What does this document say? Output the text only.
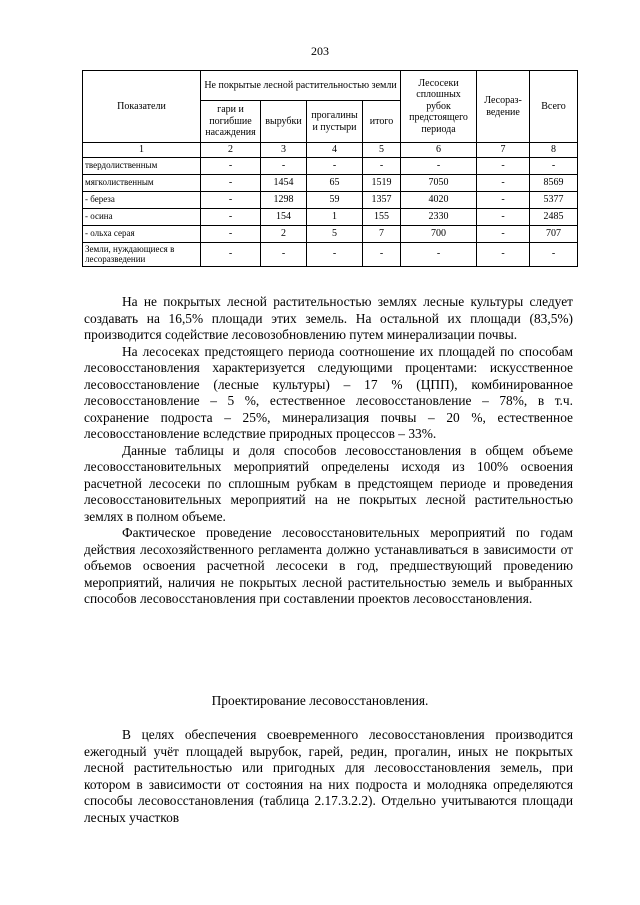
203
Показатели	Не покрытые лесной растительностью земли				Лесосеки сплошных рубок предстоящего периода	Лесораз-ведение	Всего
	гари и погибшие насаждения	вырубки	прогалины и пустыри	итого			
1	2	3	4	5	6	7	8
твердолиственным	-	-	-	-	-	-	-
мягколиственным	-	1454	65	1519	7050	-	8569
- береза	-	1298	59	1357	4020	-	5377
- осина	-	154	1	155	2330	-	2485
- ольха серая	-	2	5	7	700	-	707
Земли, нуждающиеся в лесоразведении	-	-	-	-	-	-	-

На не покрытых лесной растительностью землях лесные культуры следует создавать на 16,5% площади этих земель. На остальной их площади (83,5%) производится содействие лесовозобновлению путем минерализации почвы.

На лесосеках предстоящего периода соотношение их площадей по способам лесовосстановления характеризуется следующими процентами: искусственное лесовосстановление (лесные культуры) – 17 % (ЦПП), комбинированное лесовосстановление – 5 %, естественное лесовосстановление – 78%, в т.ч. сохранение подроста – 25%, минерализация почвы – 20 %, естественное лесовосстановление вследствие природных процессов – 33%.

Данные таблицы и доля способов лесовосстановления в общем объеме лесовосстановительных мероприятий определены исходя из 100% освоения расчетной лесосеки по сплошным рубкам в предстоящем периоде и проведения лесовосстановительных мероприятий на не покрытых лесной растительностью землях в полном объеме.

Фактическое проведение лесовосстановительных мероприятий по годам действия лесохозяйственного регламента должно устанавливаться в зависимости от объемов освоения расчетной лесосеки в год, предшествующий проведению мероприятий, наличия не покрытых лесной растительностью земель и выбранных способов лесовосстановления при составлении проектов лесовосстановления.

Проектирование лесовосстановления.

В целях обеспечения своевременного лесовосстановления производится ежегодный учёт площадей вырубок, гарей, редин, прогалин, иных не покрытых лесной растительностью или пригодных для лесовосстановления земель, при котором в зависимости от состояния на них подроста и молодняка определяются способы лесовосстановления (таблица 2.17.3.2.2). Отдельно учитываются площади лесных участков
